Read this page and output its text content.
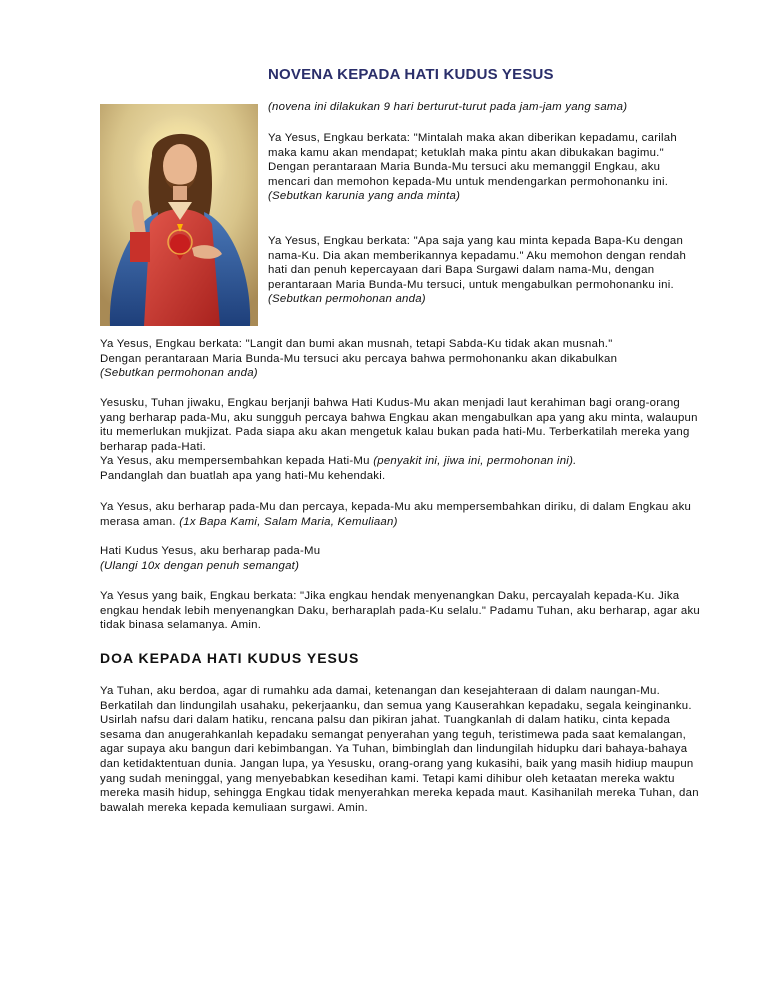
NOVENA KEPADA HATI KUDUS YESUS
(novena ini dilakukan 9 hari berturut-turut pada jam-jam yang sama)

Ya Yesus, Engkau berkata: "Mintalah maka akan diberikan kepadamu, carilah maka kamu akan mendapat; ketuklah maka pintu akan dibukakan bagimu." Dengan perantaraan Maria Bunda-Mu tersuci aku memanggil Engkau, aku mencari dan memohon kepada-Mu untuk mendengarkan permohonanku ini.

(Sebutkan karunia yang anda minta)

Ya Yesus, Engkau berkata: "Apa saja yang kau minta kepada Bapa-Ku dengan nama-Ku. Dia akan memberikannya kepadamu." Aku memohon dengan rendah hati dan penuh kepercayaan dari Bapa Surgawi dalam nama-Mu, dengan perantaraan Maria Bunda-Mu tersuci, untuk mengabulkan permohonanku ini.

(Sebutkan permohonan anda)

Ya Yesus, Engkau berkata: "Langit dan bumi akan musnah, tetapi Sabda-Ku tidak akan musnah."

Dengan perantaraan Maria Bunda-Mu tersuci aku percaya bahwa permohonanku akan dikabulkan

(Sebutkan permohonan anda)

Yesusku, Tuhan jiwaku, Engkau berjanji bahwa Hati Kudus-Mu akan menjadi laut kerahiman bagi orang-orang yang berharap pada-Mu, aku sungguh percaya bahwa Engkau akan mengabulkan apa yang aku minta, walaupun itu memerlukan mukjizat. Pada siapa aku akan mengetuk kalau bukan pada hati-Mu. Terberkatilah mereka yang berharap pada-Hati.

Ya Yesus, aku mempersembahkan kepada Hati-Mu (penyakit ini, jiwa ini, permohonan ini).

Pandanglah dan buatlah apa yang hati-Mu kehendaki.

Ya Yesus, aku berharap pada-Mu dan percaya, kepada-Mu aku mempersembahkan diriku, di dalam Engkau aku merasa aman. (1x Bapa Kami, Salam Maria, Kemuliaan)

Hati Kudus Yesus, aku berharap pada-Mu

(Ulangi 10x dengan penuh semangat)

Ya Yesus yang baik, Engkau berkata: "Jika engkau hendak menyenangkan Daku, percayalah kepada-Ku. Jika engkau hendak lebih menyenangkan Daku, berharaplah pada-Ku selalu." Padamu Tuhan, aku berharap, agar aku tidak binasa selamanya. Amin.

DOA KEPADA HATI KUDUS YESUS

Ya Tuhan, aku berdoa, agar di rumahku ada damai, ketenangan dan kesejahteraan di dalam naungan-Mu. Berkatilah dan lindungilah usahaku, pekerjaanku, dan semua yang Kauserahkan kepadaku, segala keinginanku. Usirlah nafsu dari dalam hatiku, rencana palsu dan pikiran jahat. Tuangkanlah di dalam hatiku, cinta kepada sesama dan anugerahkanlah kepadaku semangat penyerahan yang teguh, teristimewa pada saat kemalangan, agar supaya aku bangun dari kebimbangan. Ya Tuhan, bimbinglah dan lindungilah hidupku dari bahaya-bahaya dan ketidaktentuan dunia. Jangan lupa, ya Yesusku, orang-orang yang kukasihi, baik yang masih hidiup maupun yang sudah meninggal, yang menyebabkan kesedihan kami. Tetapi kami dihibur oleh ketaatan mereka waktu mereka masih hidup, sehingga Engkau tidak menyerahkan mereka kepada maut. Kasihanilah mereka Tuhan, dan bawalah mereka kepada kemuliaan surgawi. Amin.
